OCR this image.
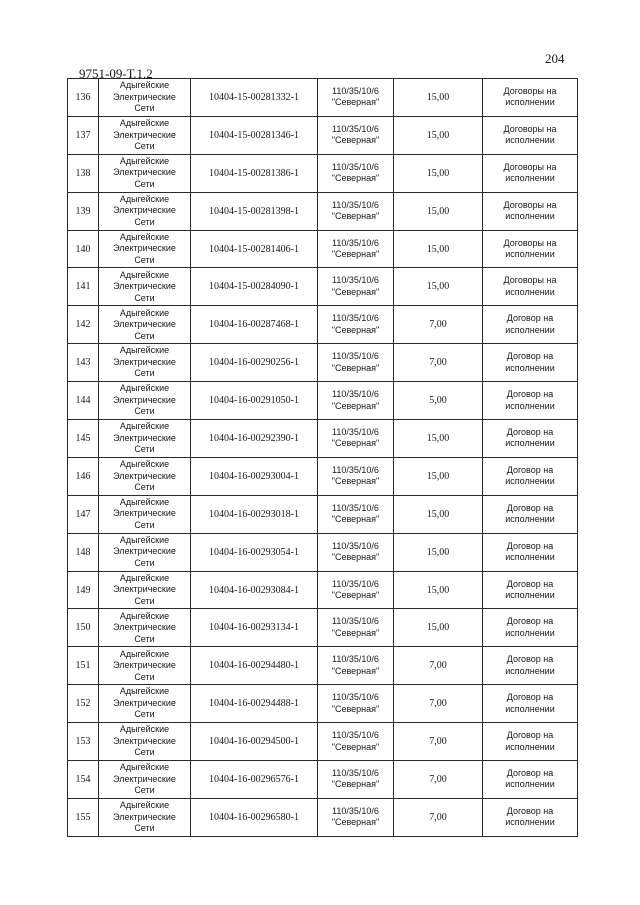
204
9751-09-Т.1.2
136	Адыгейские
Электрические
Сети	10404-15-00281332-1	110/35/10/6
"Северная"	15,00	Договоры на
исполнении

137	Адыгейские
Электрические
Сети	10404-15-00281346-1	110/35/10/6
"Северная"	15,00	Договоры на
исполнении

138	Адыгейские
Электрические
Сети	10404-15-00281386-1	110/35/10/6
"Северная"	15,00	Договоры на
исполнении

139	Адыгейские
Электрические
Сети	10404-15-00281398-1	110/35/10/6
"Северная"	15,00	Договоры на
исполнении

140	Адыгейские
Электрические
Сети	10404-15-00281406-1	110/35/10/6
"Северная"	15,00	Договоры на
исполнении

141	Адыгейские
Электрические
Сети	10404-15-00284090-1	110/35/10/6
"Северная"	15,00	Договоры на
исполнении

142	Адыгейские
Электрические
Сети	10404-16-00287468-1	110/35/10/6
"Северная"	7,00	Договор на
исполнении

143	Адыгейские
Электрические
Сети	10404-16-00290256-1	110/35/10/6
"Северная"	7,00	Договор на
исполнении

144	Адыгейские
Электрические
Сети	10404-16-00291050-1	110/35/10/6
"Северная"	5,00	Договор на
исполнении

145	Адыгейские
Электрические
Сети	10404-16-00292390-1	110/35/10/6
"Северная"	15,00	Договор на
исполнении

146	Адыгейские
Электрические
Сети	10404-16-00293004-1	110/35/10/6
"Северная"	15,00	Договор на
исполнении

147	Адыгейские
Электрические
Сети	10404-16-00293018-1	110/35/10/6
"Северная"	15,00	Договор на
исполнении

148	Адыгейские
Электрические
Сети	10404-16-00293054-1	110/35/10/6
"Северная"	15,00	Договор на
исполнении

149	Адыгейские
Электрические
Сети	10404-16-00293084-1	110/35/10/6
"Северная"	15,00	Договор на
исполнении

150	Адыгейские
Электрические
Сети	10404-16-00293134-1	110/35/10/6
"Северная"	15,00	Договор на
исполнении

151	Адыгейские
Электрические
Сети	10404-16-00294480-1	110/35/10/6
"Северная"	7,00	Договор на
исполнении

152	Адыгейские
Электрические
Сети	10404-16-00294488-1	110/35/10/6
"Северная"	7,00	Договор на
исполнении

153	Адыгейские
Электрические
Сети	10404-16-00294500-1	110/35/10/6
"Северная"	7,00	Договор на
исполнении

154	Адыгейские
Электрические
Сети	10404-16-00296576-1	110/35/10/6
"Северная"	7,00	Договор на
исполнении

155	Адыгейские
Электрические
Сети	10404-16-00296580-1	110/35/10/6
"Северная"	7,00	Договор на
исполнении
